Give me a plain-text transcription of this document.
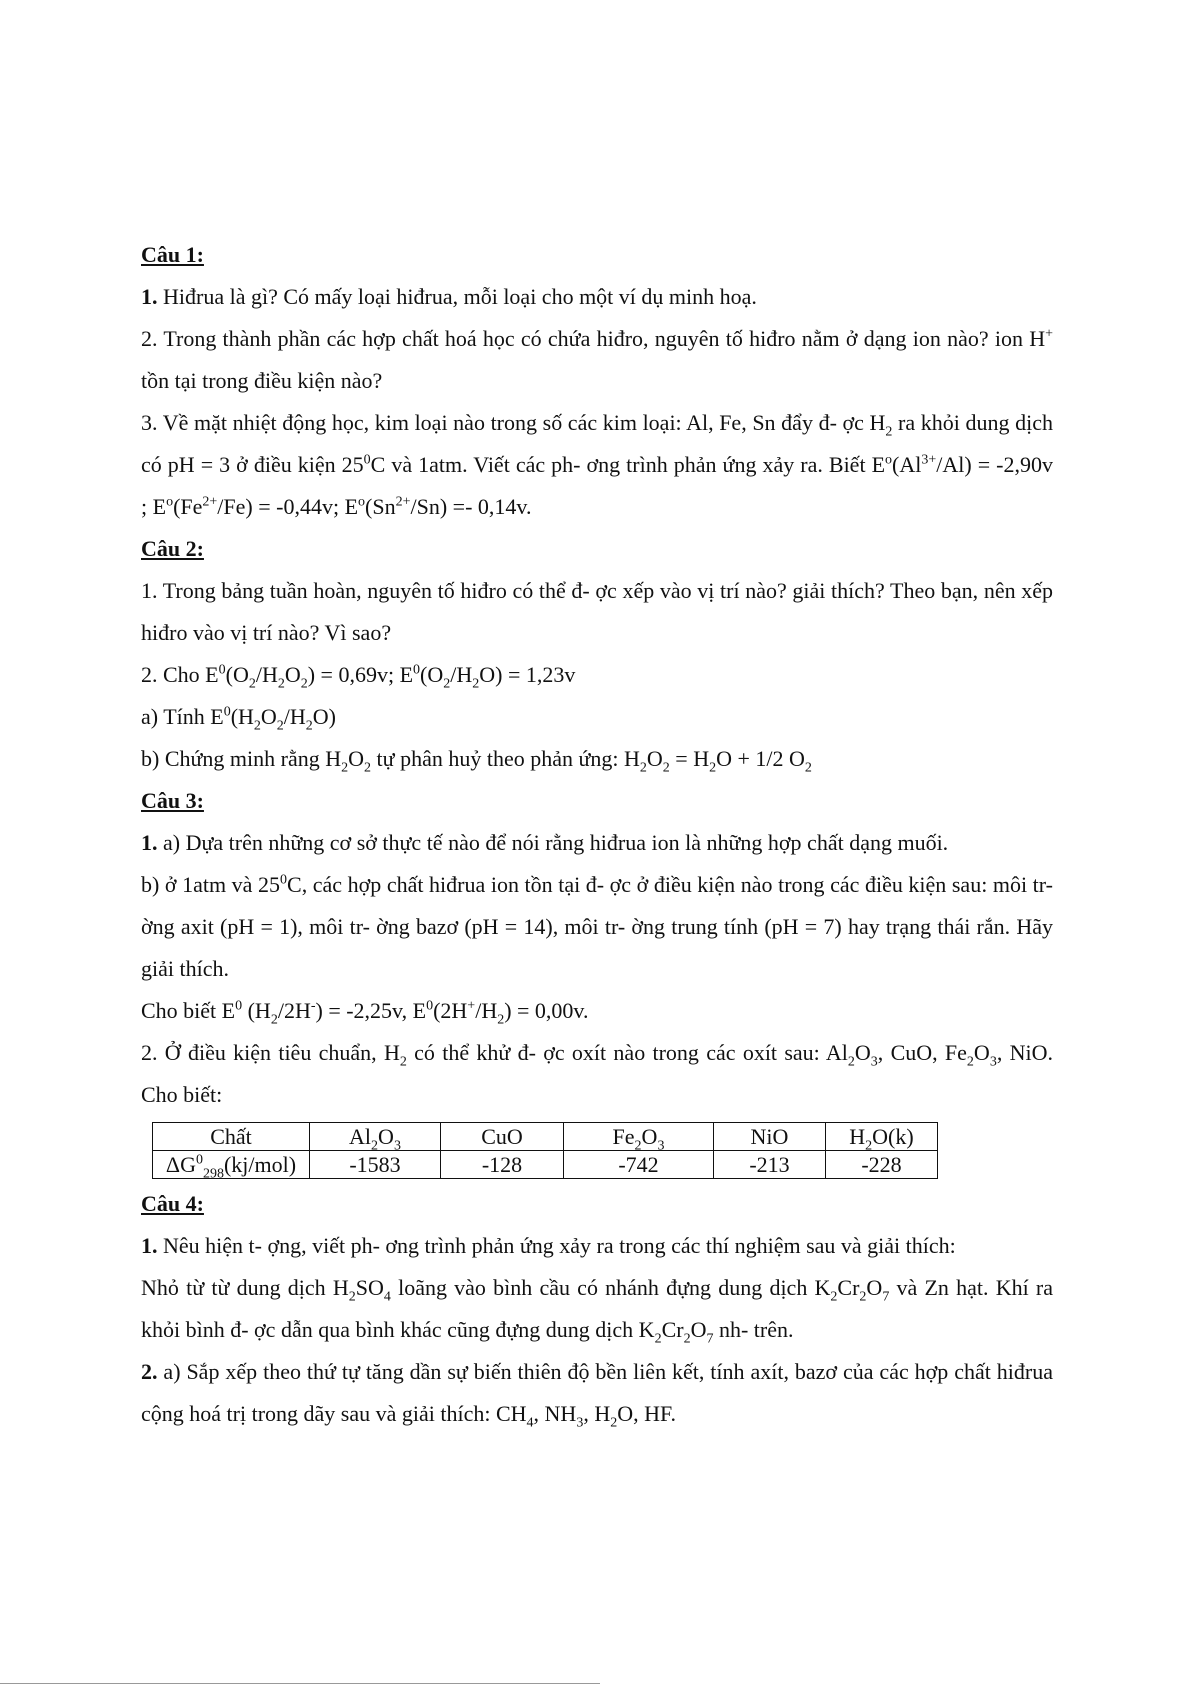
Câu 1:
1. Hiđrua là gì? Có mấy loại hiđrua, mỗi loại cho một ví dụ minh hoạ.
2. Trong thành phần các hợp chất hoá học có chứa hiđro, nguyên tố hiđro nằm ở dạng ion nào? ion H+ tồn tại trong điều kiện nào?
3. Về mặt nhiệt động học, kim loại nào trong số các kim loại: Al, Fe, Sn đẩy đ- ợc $H_2$ ra khỏi dung dịch có pH = 3 ở điều kiện $25^0C$ và 1atm. Viết các ph- ơng trình phản ứng xảy ra. Biết $E^o(Al^{3+}/Al) = -2,90v$ ; $E^o(Fe^{2+}/Fe) = -0,44v$; $E^o(Sn^{2+}/Sn) =- 0,14v$.
Câu 2:
1. Trong bảng tuần hoàn, nguyên tố hiđro có thể đ- ợc xếp vào vị trí nào? giải thích? Theo bạn, nên xếp hiđro vào vị trí nào? Vì sao?
2. Cho $E^0(O_2/H_2O_2) = 0,69v$; $E^0(O_2/H_2O) = 1,23v$
a) Tính $E^0(H_2O_2/H_2O)$
b) Chứng minh rằng $H_2O_2$ tự phân huỷ theo phản ứng: $H_2O_2 = H_2O + 1/2$ $O_2$
Câu 3:
1. a) Dựa trên những cơ sở thực tế nào để nói rằng hiđrua ion là những hợp chất dạng muối.
b) ở 1atm và $25^0C$, các hợp chất hiđrua ion tồn tại đ- ợc ở điều kiện nào trong các điều kiện sau: môi tr- ờng axit (pH = 1), môi tr- ờng bazơ (pH = 14), môi tr- ờng trung tính (pH = 7) hay trạng thái rắn. Hãy giải thích.
Cho biết $E^0$ $(H_2/2H^-) = -2,25v$, $E^0(2H^+/H_2) = 0,00v$.
2. Ở điều kiện tiêu chuẩn, $H_2$ có thể khử đ- ợc oxít nào trong các oxít sau: $Al_2O_3$, CuO, $Fe_2O_3$, NiO. Cho biết:
Chất	$Al_2O_3$	CuO	$Fe_2O_3$	NiO	$H_2O(k)$
$\Delta G^0_{298}(kj/mol)$	-1583	-128	-742	-213	-228
Câu 4:
1. Nêu hiện t- ợng, viết ph- ơng trình phản ứng xảy ra trong các thí nghiệm sau và giải thích:
Nhỏ từ từ dung dịch $H_2SO_4$ loãng vào bình cầu có nhánh đựng dung dịch $K_2Cr_2O_7$ và Zn hạt. Khí ra khỏi bình đ- ợc dẫn qua bình khác cũng đựng dung dịch $K_2Cr_2O_7$ nh- trên.
2. a) Sắp xếp theo thứ tự tăng dần sự biến thiên độ bền liên kết, tính axít, bazơ của các hợp chất hiđrua cộng hoá trị trong dãy sau và giải thích: $CH_4$, $NH_3$, $H_2O$, HF.
